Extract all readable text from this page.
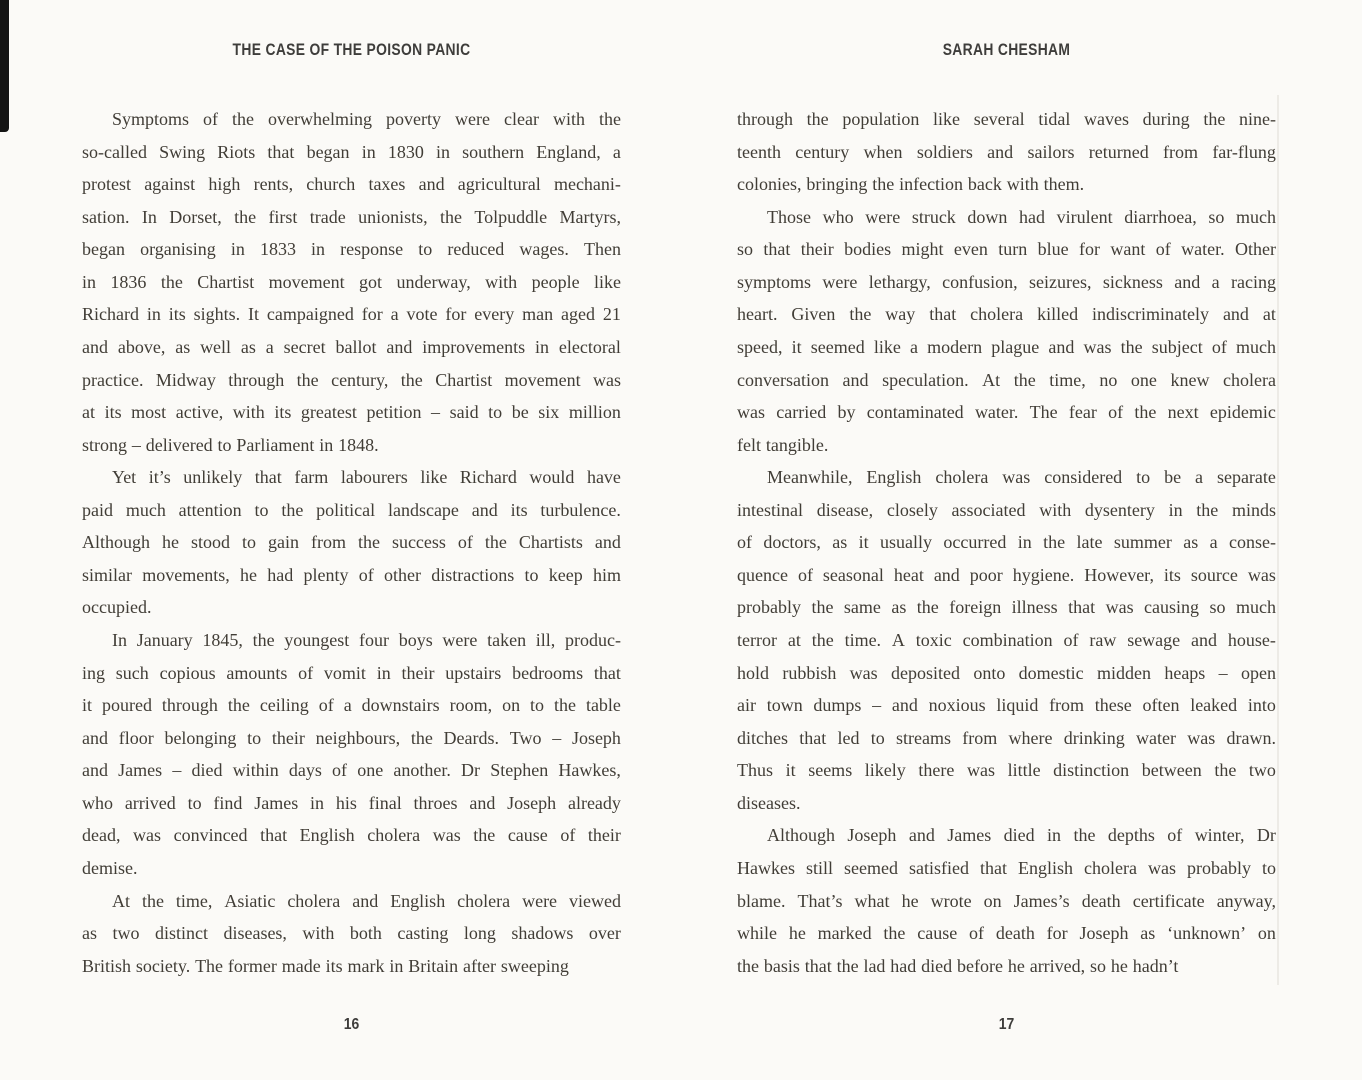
THE CASE OF THE POISON PANIC
Symptoms of the overwhelming poverty were clear with the
so-called Swing Riots that began in 1830 in southern England, a
protest against high rents, church taxes and agricultural mechani-
sation. In Dorset, the first trade unionists, the Tolpuddle Martyrs,
began organising in 1833 in response to reduced wages. Then
in 1836 the Chartist movement got underway, with people like
Richard in its sights. It campaigned for a vote for every man aged 21
and above, as well as a secret ballot and improvements in electoral
practice. Midway through the century, the Chartist movement was
at its most active, with its greatest petition – said to be six million
strong – delivered to Parliament in 1848.
Yet it’s unlikely that farm labourers like Richard would have
paid much attention to the political landscape and its turbulence.
Although he stood to gain from the success of the Chartists and
similar movements, he had plenty of other distractions to keep him
occupied.
In January 1845, the youngest four boys were taken ill, produc-
ing such copious amounts of vomit in their upstairs bedrooms that
it poured through the ceiling of a downstairs room, on to the table
and floor belonging to their neighbours, the Deards. Two – Joseph
and James – died within days of one another. Dr Stephen Hawkes,
who arrived to find James in his final throes and Joseph already
dead, was convinced that English cholera was the cause of their
demise.
At the time, Asiatic cholera and English cholera were viewed
as two distinct diseases, with both casting long shadows over
British society. The former made its mark in Britain after sweeping
16
SARAH CHESHAM
through the population like several tidal waves during the nine-
teenth century when soldiers and sailors returned from far-flung
colonies, bringing the infection back with them.
Those who were struck down had virulent diarrhoea, so much
so that their bodies might even turn blue for want of water. Other
symptoms were lethargy, confusion, seizures, sickness and a racing
heart. Given the way that cholera killed indiscriminately and at
speed, it seemed like a modern plague and was the subject of much
conversation and speculation. At the time, no one knew cholera
was carried by contaminated water. The fear of the next epidemic
felt tangible.
Meanwhile, English cholera was considered to be a separate
intestinal disease, closely associated with dysentery in the minds
of doctors, as it usually occurred in the late summer as a conse-
quence of seasonal heat and poor hygiene. However, its source was
probably the same as the foreign illness that was causing so much
terror at the time. A toxic combination of raw sewage and house-
hold rubbish was deposited onto domestic midden heaps – open
air town dumps – and noxious liquid from these often leaked into
ditches that led to streams from where drinking water was drawn.
Thus it seems likely there was little distinction between the two
diseases.
Although Joseph and James died in the depths of winter, Dr
Hawkes still seemed satisfied that English cholera was probably to
blame. That’s what he wrote on James’s death certificate anyway,
while he marked the cause of death for Joseph as ‘unknown’ on
the basis that the lad had died before he arrived, so he hadn’t
17
